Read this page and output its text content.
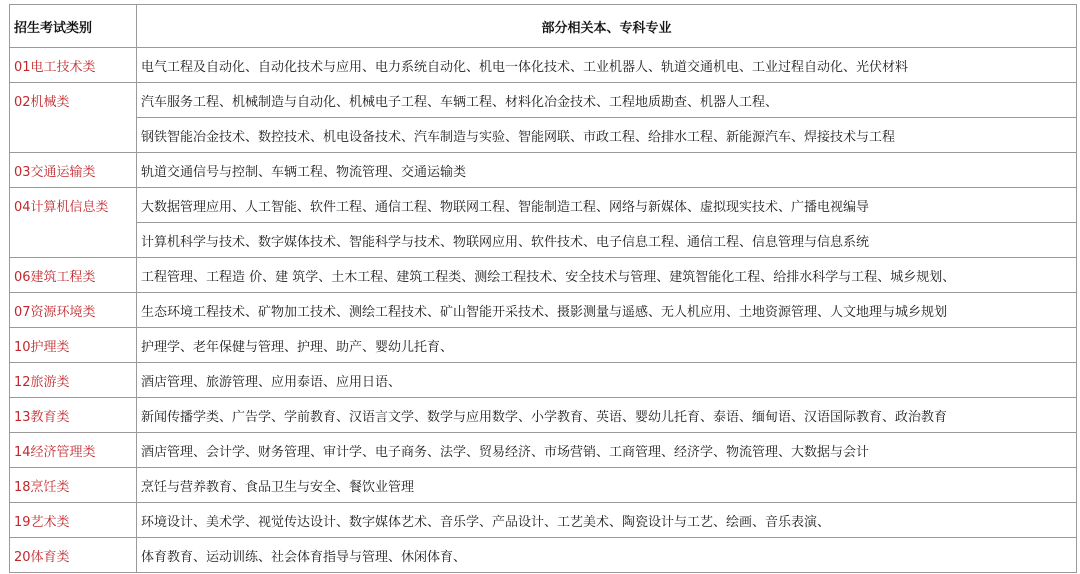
招生考试类别	部分相关本、专科专业
01电工技术类	电气工程及自动化、自动化技术与应用、电力系统自动化、机电一体化技术、工业机器人、轨道交通机电、工业过程自动化、光伏材料
02机械类	汽车服务工程、机械制造与自动化、机械电子工程、车辆工程、材料化冶金技术、工程地质勘查、机器人工程、
	钢铁智能冶金技术、数控技术、机电设备技术、汽车制造与实验、智能网联、市政工程、给排水工程、新能源汽车、焊接技术与工程
03交通运输类	轨道交通信号与控制、车辆工程、物流管理、交通运输类
04计算机信息类	大数据管理应用、人工智能、软件工程、通信工程、物联网工程、智能制造工程、网络与新媒体、虚拟现实技术、广播电视编导
	计算机科学与技术、数字媒体技术、智能科学与技术、物联网应用、软件技术、电子信息工程、通信工程、信息管理与信息系统
06建筑工程类	工程管理、工程造 价、建 筑学、土木工程、建筑工程类、测绘工程技术、安全技术与管理、建筑智能化工程、给排水科学与工程、城乡规划、
07资源环境类	生态环境工程技术、矿物加工技术、测绘工程技术、矿山智能开采技术、摄影测量与遥感、无人机应用、土地资源管理、人文地理与城乡规划
10护理类	护理学、老年保健与管理、护理、助产、婴幼儿托育、
12旅游类	酒店管理、旅游管理、应用泰语、应用日语、
13教育类	新闻传播学类、广告学、学前教育、汉语言文学、数学与应用数学、小学教育、英语、婴幼儿托育、泰语、缅甸语、汉语国际教育、政治教育
14经济管理类	酒店管理、会计学、财务管理、审计学、电子商务、法学、贸易经济、市场营销、工商管理、经济学、物流管理、大数据与会计
18烹饪类	烹饪与营养教育、食品卫生与安全、餐饮业管理
19艺术类	环境设计、美术学、视觉传达设计、数字媒体艺术、音乐学、产品设计、工艺美术、陶瓷设计与工艺、绘画、音乐表演、
20体育类	体育教育、运动训练、社会体育指导与管理、休闲体育、
